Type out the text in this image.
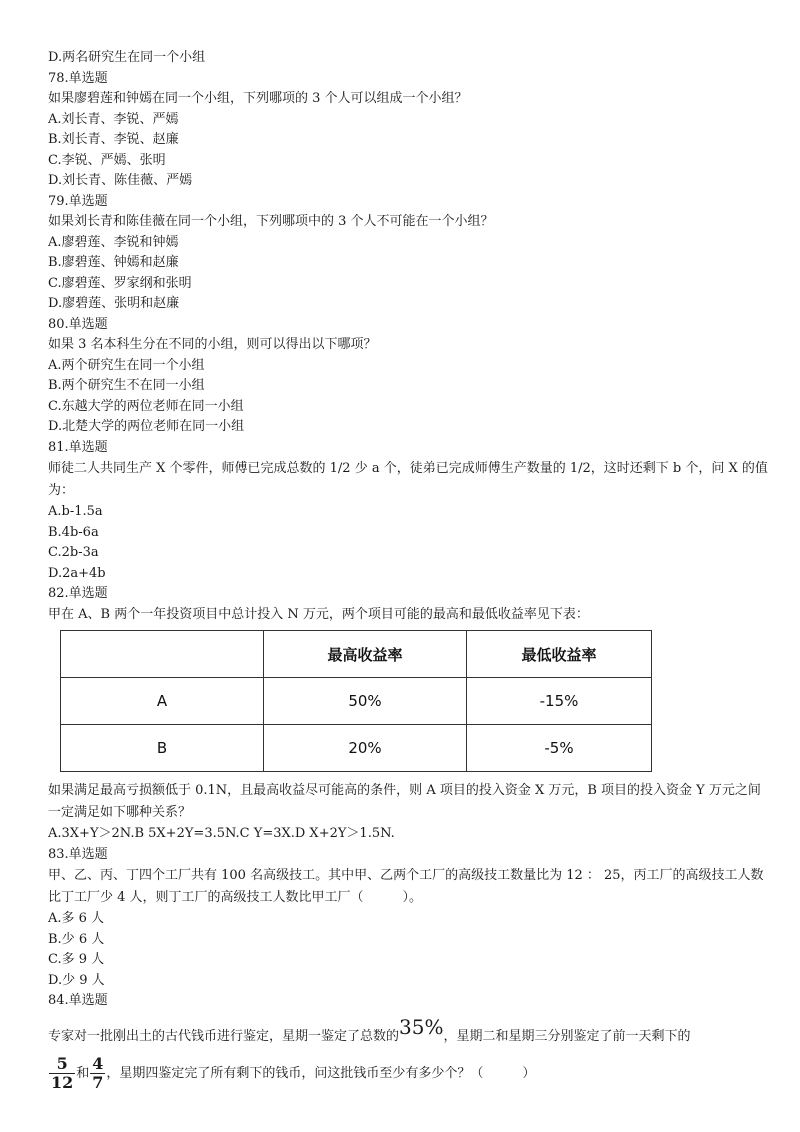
D.两名研究生在同一个小组
78.单选题
如果廖碧莲和钟嫣在同一个小组，下列哪项的 3 个人可以组成一个小组？
A.刘长青、李锐、严嫣
B.刘长青、李锐、赵廉
C.李锐、严嫣、张明
D.刘长青、陈佳薇、严嫣
79.单选题
如果刘长青和陈佳薇在同一个小组，下列哪项中的 3 个人不可能在一个小组？
A.廖碧莲、李锐和钟嫣
B.廖碧莲、钟嫣和赵廉
C.廖碧莲、罗家纲和张明
D.廖碧莲、张明和赵廉
80.单选题
如果 3 名本科生分在不同的小组，则可以得出以下哪项？
A.两个研究生在同一个小组
B.两个研究生不在同一小组
C.东越大学的两位老师在同一小组
D.北楚大学的两位老师在同一小组
81.单选题
师徒二人共同生产 X 个零件，师傅已完成总数的 1/2 少 a 个，徒弟已完成师傅生产数量的 1/2，这时还剩下 b 个，问 X 的值为：
A.b-1.5a
B.4b-6a
C.2b-3a
D.2a+4b
82.单选题
甲在 A、B 两个一年投资项目中总计投入 N 万元，两个项目可能的最高和最低收益率见下表：
	最高收益率	最低收益率
A	50%	-15%
B	20%	-5%
如果满足最高亏损额低于 0.1N，且最高收益尽可能高的条件，则 A 项目的投入资金 X 万元，B 项目的投入资金 Y 万元之间一定满足如下哪种关系？
A.3X+Y＞2N.B 5X+2Y=3.5N.C Y=3X.D X+2Y＞1.5N.
83.单选题
甲、乙、丙、丁四个工厂共有 100 名高级技工。其中甲、乙两个工厂的高级技工数量比为 12 ： 25，丙工厂的高级技工人数比丁工厂少 4 人，则丁工厂的高级技工人数比甲工厂（　　　）。
A.多 6 人
B.少 6 人
C.多 9 人
D.少 9 人
84.单选题
专家对一批刚出土的古代钱币进行鉴定，星期一鉴定了总数的35%，星期二和星期三分别鉴定了前一天剩下的
$\frac{5}{12}$ 和 $\frac{4}{7}$ ，星期四鉴定完了所有剩下的钱币，问这批钱币至少有多少个？（　　　）
